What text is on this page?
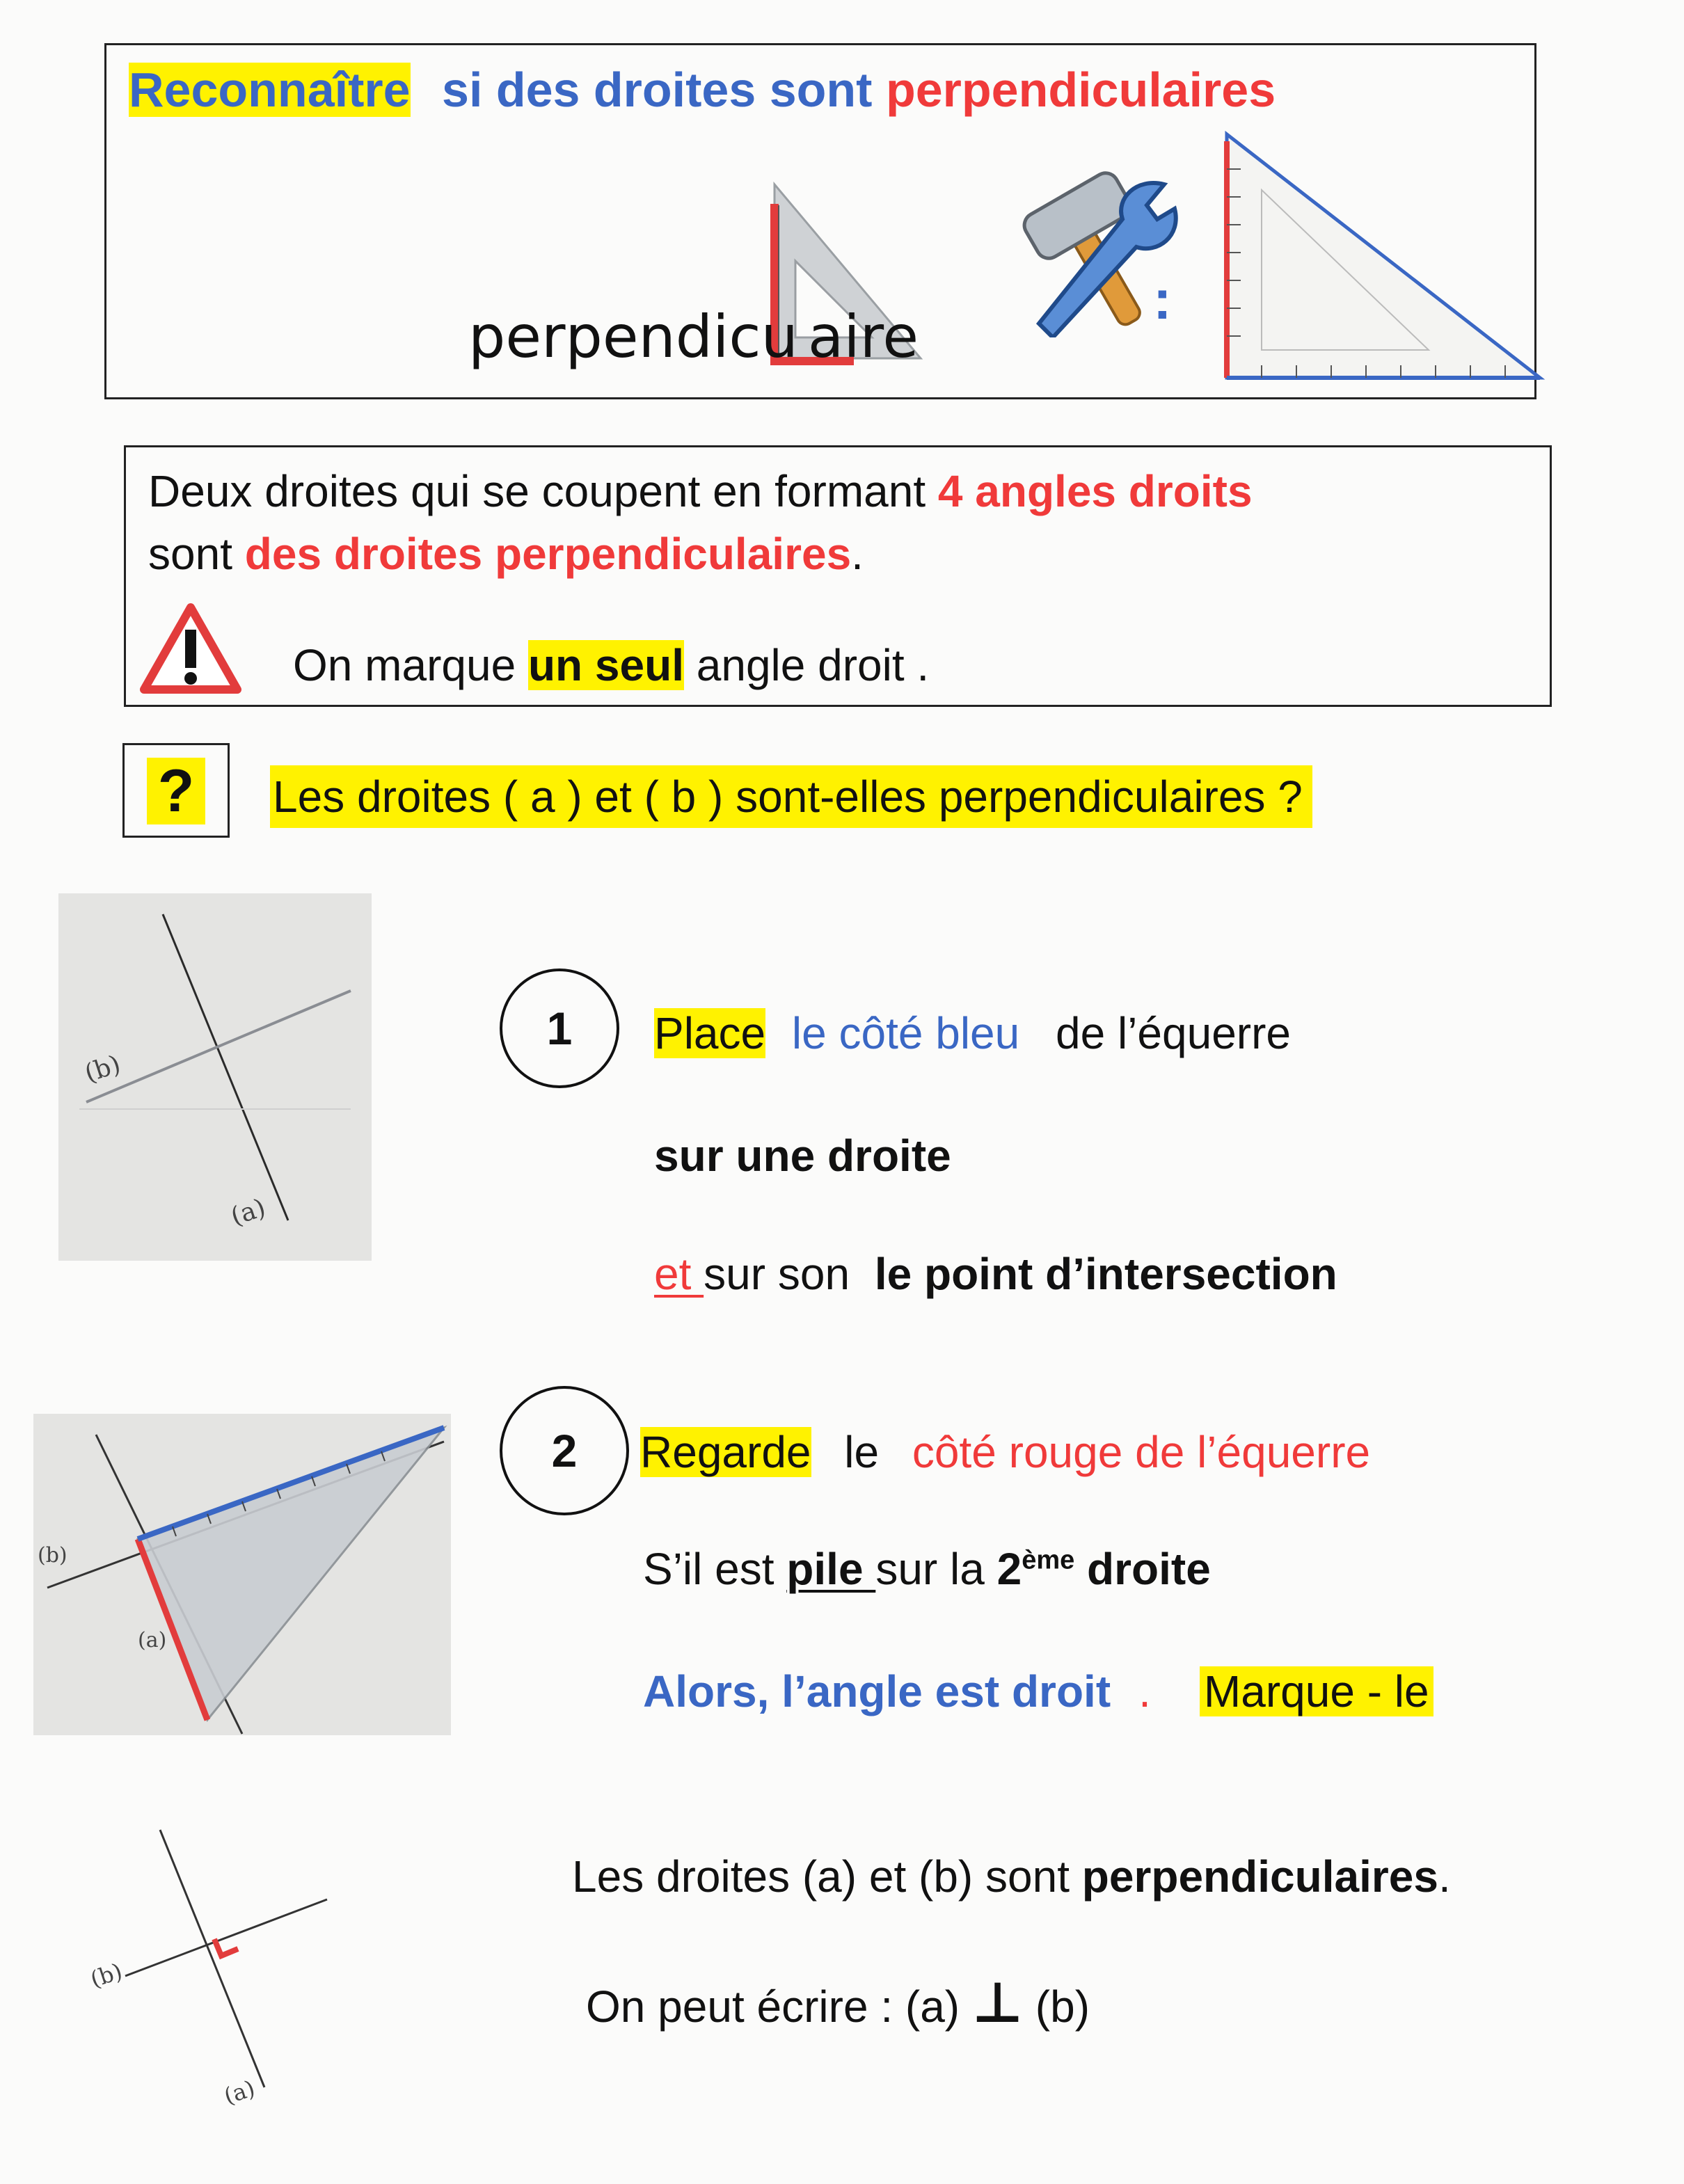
Reconnaître si des droites sont perpendiculaires
perpendicu aire
:
Deux droites qui se coupent en formant 4 angles droits
sont des droites perpendiculaires.
On marque un seul angle droit .
? Les droites ( a ) et ( b ) sont-elles perpendiculaires ?
(b)
(a)
1	Place le côté bleu de l’équerre
sur une droite
et sur son le point d’intersection
(b)
(a)
2	Regarde le côté rouge de l’équerre
S’il est pile sur la 2ème droite
Alors, l’angle est droit . Marque - le
(b)
(a)
Les droites (a) et (b) sont perpendiculaires.
On peut écrire : (a) ⊥ (b)
